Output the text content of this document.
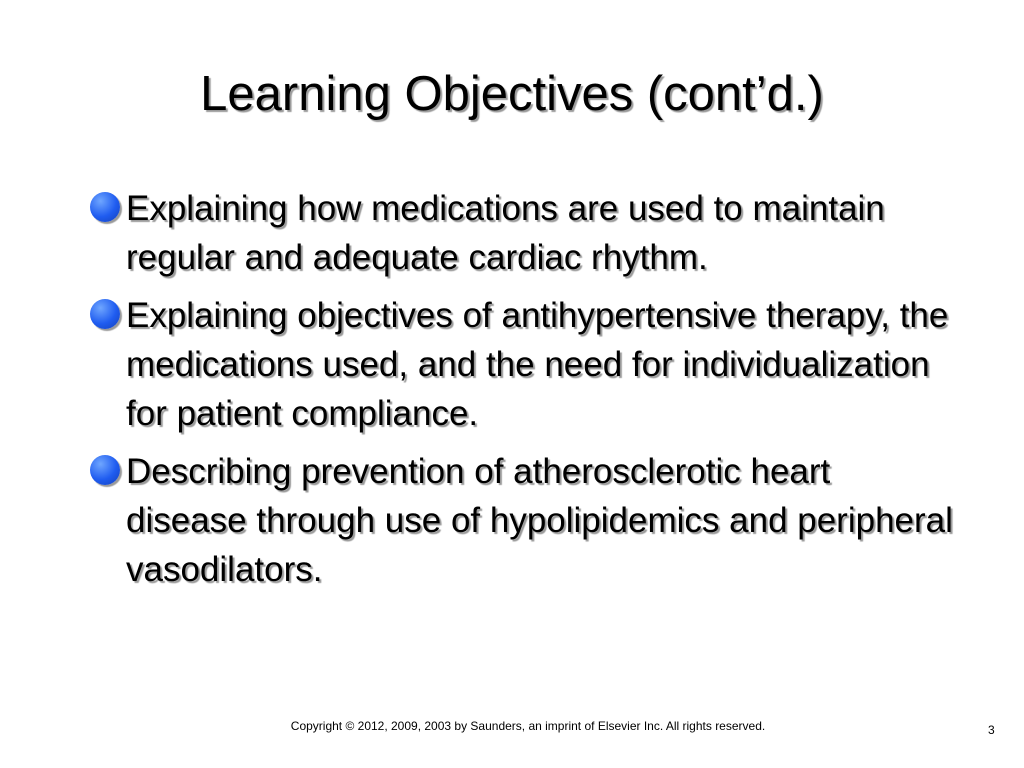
Learning Objectives (cont’d.)
Explaining how medications are used to maintain regular and adequate cardiac rhythm.
Explaining objectives of antihypertensive therapy, the medications used, and the need for individualization for patient compliance.
Describing prevention of atherosclerotic heart disease through use of hypolipidemics and peripheral vasodilators.
Copyright © 2012, 2009, 2003 by Saunders, an imprint of Elsevier Inc. All rights reserved.	3
